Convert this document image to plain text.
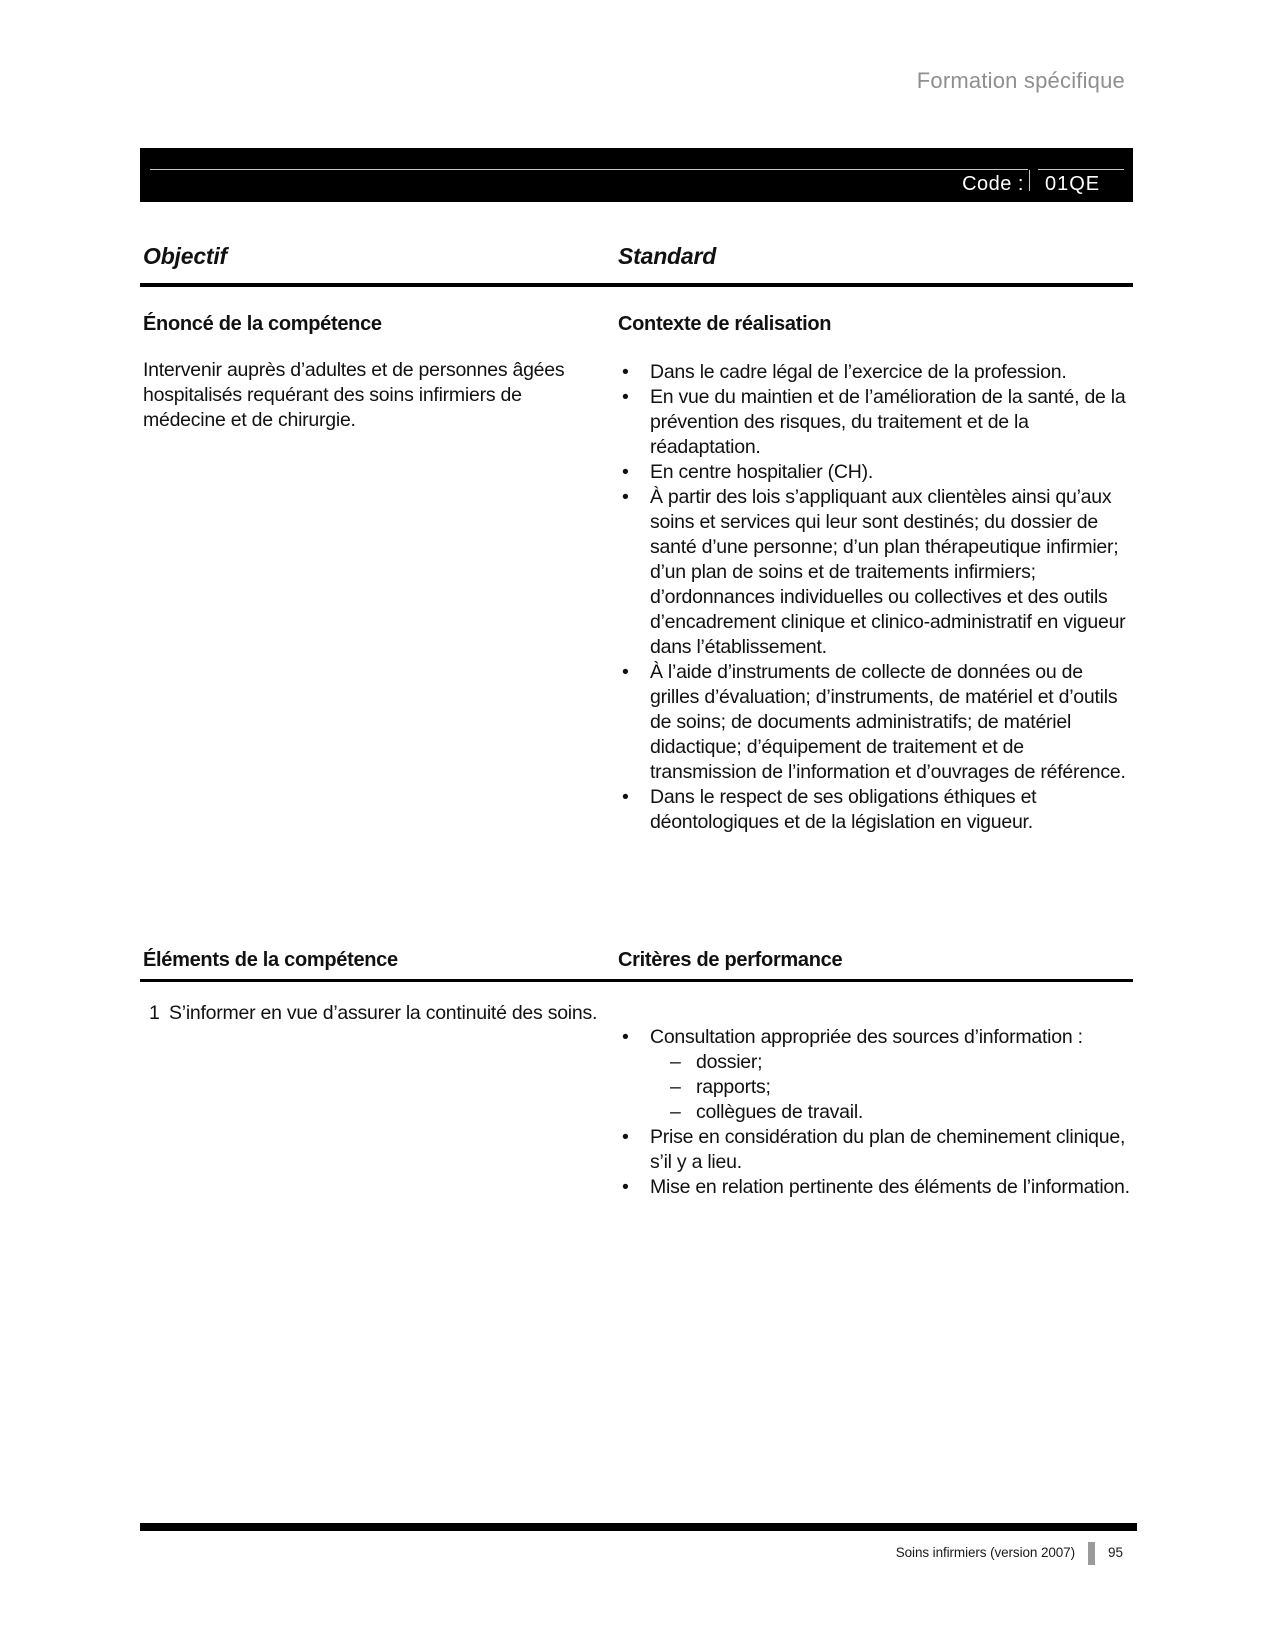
Formation spécifique
Code : 01QE
Objectif	Standard
Énoncé de la compétence

Intervenir auprès d’adultes et de personnes âgées hospitalisés requérant des soins infirmiers de médecine et de chirurgie.

Contexte de réalisation
• Dans le cadre légal de l’exercice de la profession.
• En vue du maintien et de l’amélioration de la santé, de la prévention des risques, du traitement et de la réadaptation.
• En centre hospitalier (CH).
• À partir des lois s’appliquant aux clientèles ainsi qu’aux soins et services qui leur sont destinés; du dossier de santé d’une personne; d’un plan thérapeutique infirmier; d’un plan de soins et de traitements infirmiers; d’ordonnances individuelles ou collectives et des outils d’encadrement clinique et clinico-administratif en vigueur dans l’établissement.
• À l’aide d’instruments de collecte de données ou de grilles d’évaluation; d’instruments, de matériel et d’outils de soins; de documents administratifs; de matériel didactique; d’équipement de traitement et de transmission de l’information et d’ouvrages de référence.
• Dans le respect de ses obligations éthiques et déontologiques et de la législation en vigueur.
Éléments de la compétence	Critères de performance
1 S’informer en vue d’assurer la continuité des soins.
• Consultation appropriée des sources d’information :
– dossier;
– rapports;
– collègues de travail.
• Prise en considération du plan de cheminement clinique, s’il y a lieu.
• Mise en relation pertinente des éléments de l’information.
Soins infirmiers (version 2007) 95
